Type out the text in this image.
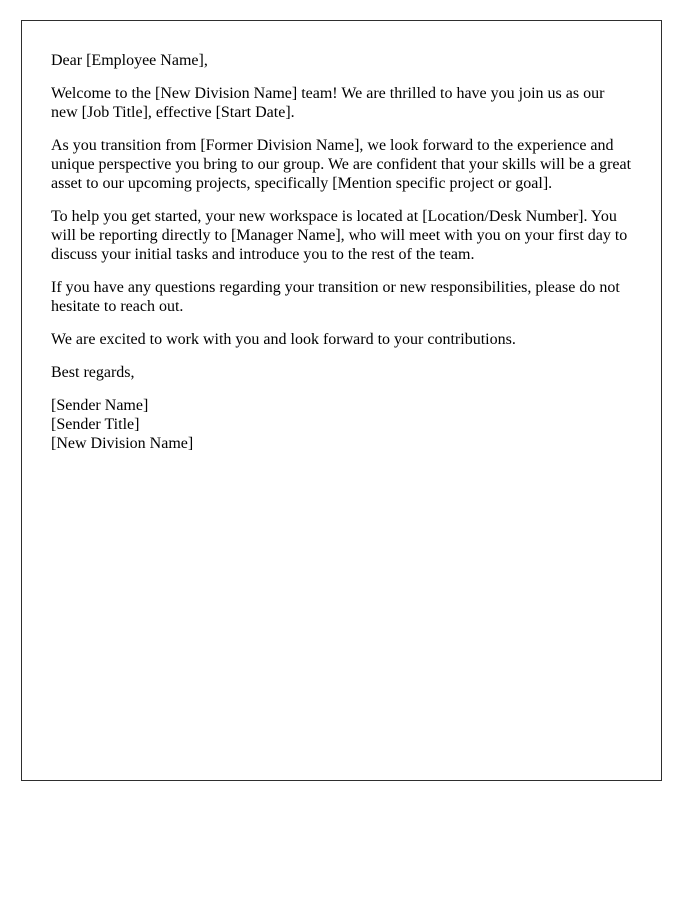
Dear [Employee Name],

Welcome to the [New Division Name] team! We are thrilled to have you join us as our new [Job Title], effective [Start Date].

As you transition from [Former Division Name], we look forward to the experience and unique perspective you bring to our group. We are confident that your skills will be a great asset to our upcoming projects, specifically [Mention specific project or goal].

To help you get started, your new workspace is located at [Location/Desk Number]. You will be reporting directly to [Manager Name], who will meet with you on your first day to discuss your initial tasks and introduce you to the rest of the team.

If you have any questions regarding your transition or new responsibilities, please do not hesitate to reach out.

We are excited to work with you and look forward to your contributions.

Best regards,

[Sender Name]
[Sender Title]
[New Division Name]
